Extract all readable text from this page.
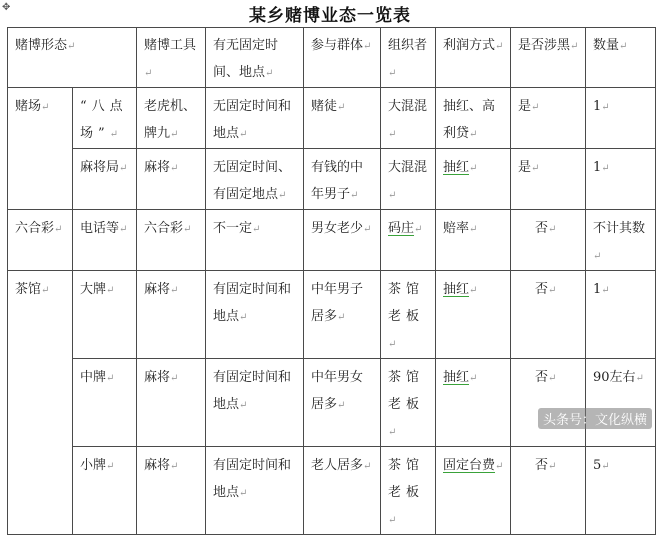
✥	某乡赌博业态一览表
赌博形态↵		赌博工具↵	有无固定时间、地点↵	参与群体↵	组织者↵	利润方式↵	是否涉黑↵	数量↵
赌场↵	“八点场”↵	老虎机、牌九↵	无固定时间和地点↵	赌徒↵	大混混↵	抽红、高利贷↵	是↵	1↵
	麻将局↵	麻将↵	无固定时间、有固定地点↵	有钱的中年男子↵	大混混↵	抽红↵	是↵	1↵
六合彩↵	电话等↵	六合彩↵	不一定↵	男女老少↵	码庄↵	赔率↵	否↵	不计其数↵
茶馆↵	大牌↵	麻将↵	有固定时间和地点↵	中年男子居多↵	茶馆老板↵	抽红↵	否↵	1↵
	中牌↵	麻将↵	有固定时间和地点↵	中年男女居多↵	茶馆老板↵	抽红↵	否↵	90左右↵
	小牌↵	麻将↵	有固定时间和地点↵	老人居多↵	茶馆老板↵	固定台费↵	否↵	5↵
头条号：文化纵横
